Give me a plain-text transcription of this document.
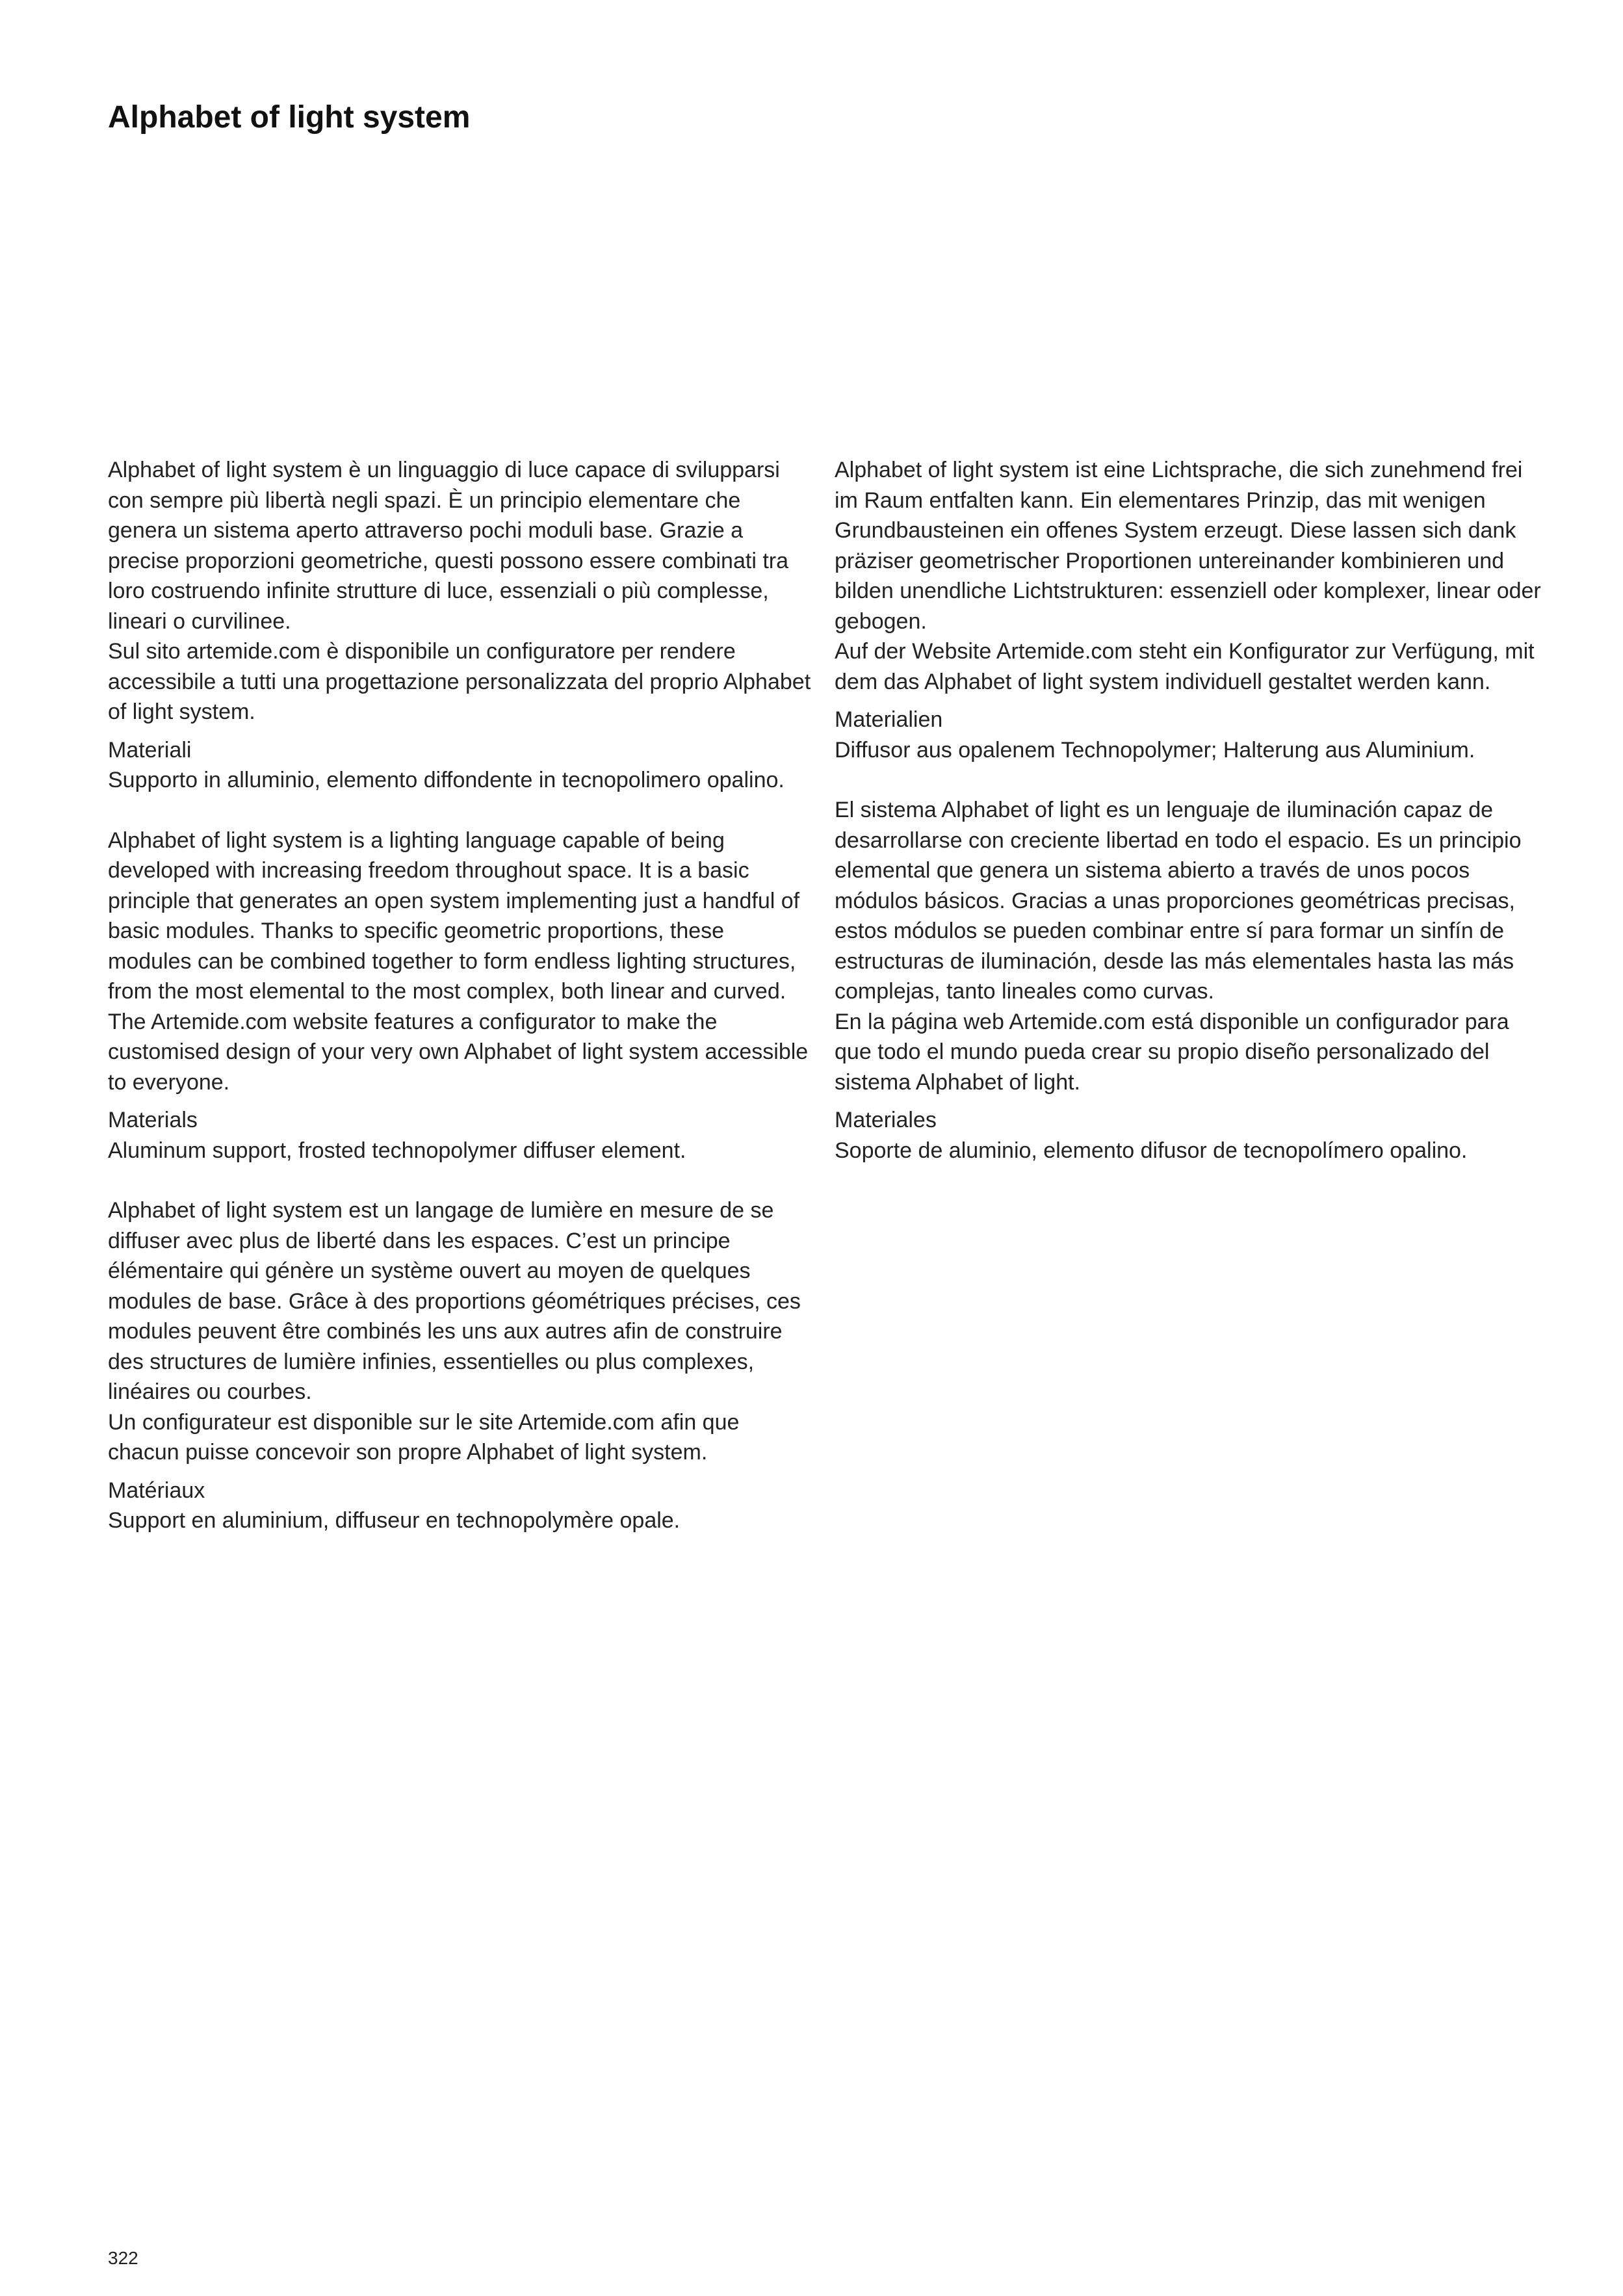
Alphabet of light system

Alphabet of light system è un linguaggio di luce capace di svilupparsi con sempre più libertà negli spazi. È un principio elementare che genera un sistema aperto attraverso pochi moduli base. Grazie a precise proporzioni geometriche, questi possono essere combinati tra loro costruendo infinite strutture di luce, essenziali o più complesse, lineari o curvilinee.

Sul sito artemide.com è disponibile un configuratore per rendere accessibile a tutti una progettazione personalizzata del proprio Alphabet of light system.

Materiali

Supporto in alluminio, elemento diffondente in tecnopolimero opalino.

Alphabet of light system is a lighting language capable of being developed with increasing freedom throughout space. It is a basic principle that generates an open system implementing just a handful of basic modules. Thanks to specific geometric proportions, these modules can be combined together to form endless lighting structures, from the most elemental to the most complex, both linear and curved.

The Artemide.com website features a configurator to make the customised design of your very own Alphabet of light system accessible to everyone.

Materials

Aluminum support, frosted technopolymer diffuser element.

Alphabet of light system est un langage de lumière en mesure de se diffuser avec plus de liberté dans les espaces. C’est un principe élémentaire qui génère un système ouvert au moyen de quelques modules de base. Grâce à des proportions géométriques précises, ces modules peuvent être combinés les uns aux autres afin de construire des structures de lumière infinies, essentielles ou plus complexes, linéaires ou courbes.

Un configurateur est disponible sur le site Artemide.com afin que chacun puisse concevoir son propre Alphabet of light system.

Matériaux

Support en aluminium, diffuseur en technopolymère opale.

Alphabet of light system ist eine Lichtsprache, die sich zunehmend frei im Raum entfalten kann. Ein elementares Prinzip, das mit wenigen Grundbausteinen ein offenes System erzeugt. Diese lassen sich dank präziser geometrischer Proportionen untereinander kombinieren und bilden unendliche Lichtstrukturen: essenziell oder komplexer, linear oder gebogen.

Auf der Website Artemide.com steht ein Konfigurator zur Verfügung, mit dem das Alphabet of light system individuell gestaltet werden kann.

Materialien

Diffusor aus opalenem Technopolymer; Halterung aus Aluminium.

El sistema Alphabet of light es un lenguaje de iluminación capaz de desarrollarse con creciente libertad en todo el espacio. Es un principio elemental que genera un sistema abierto a través de unos pocos módulos básicos. Gracias a unas proporciones geométricas precisas, estos módulos se pueden combinar entre sí para formar un sinfín de estructuras de iluminación, desde las más elementales hasta las más complejas, tanto lineales como curvas.

En la página web Artemide.com está disponible un configurador para que todo el mundo pueda crear su propio diseño personalizado del sistema Alphabet of light.

Materiales

Soporte de aluminio, elemento difusor de tecnopolímero opalino.

322
